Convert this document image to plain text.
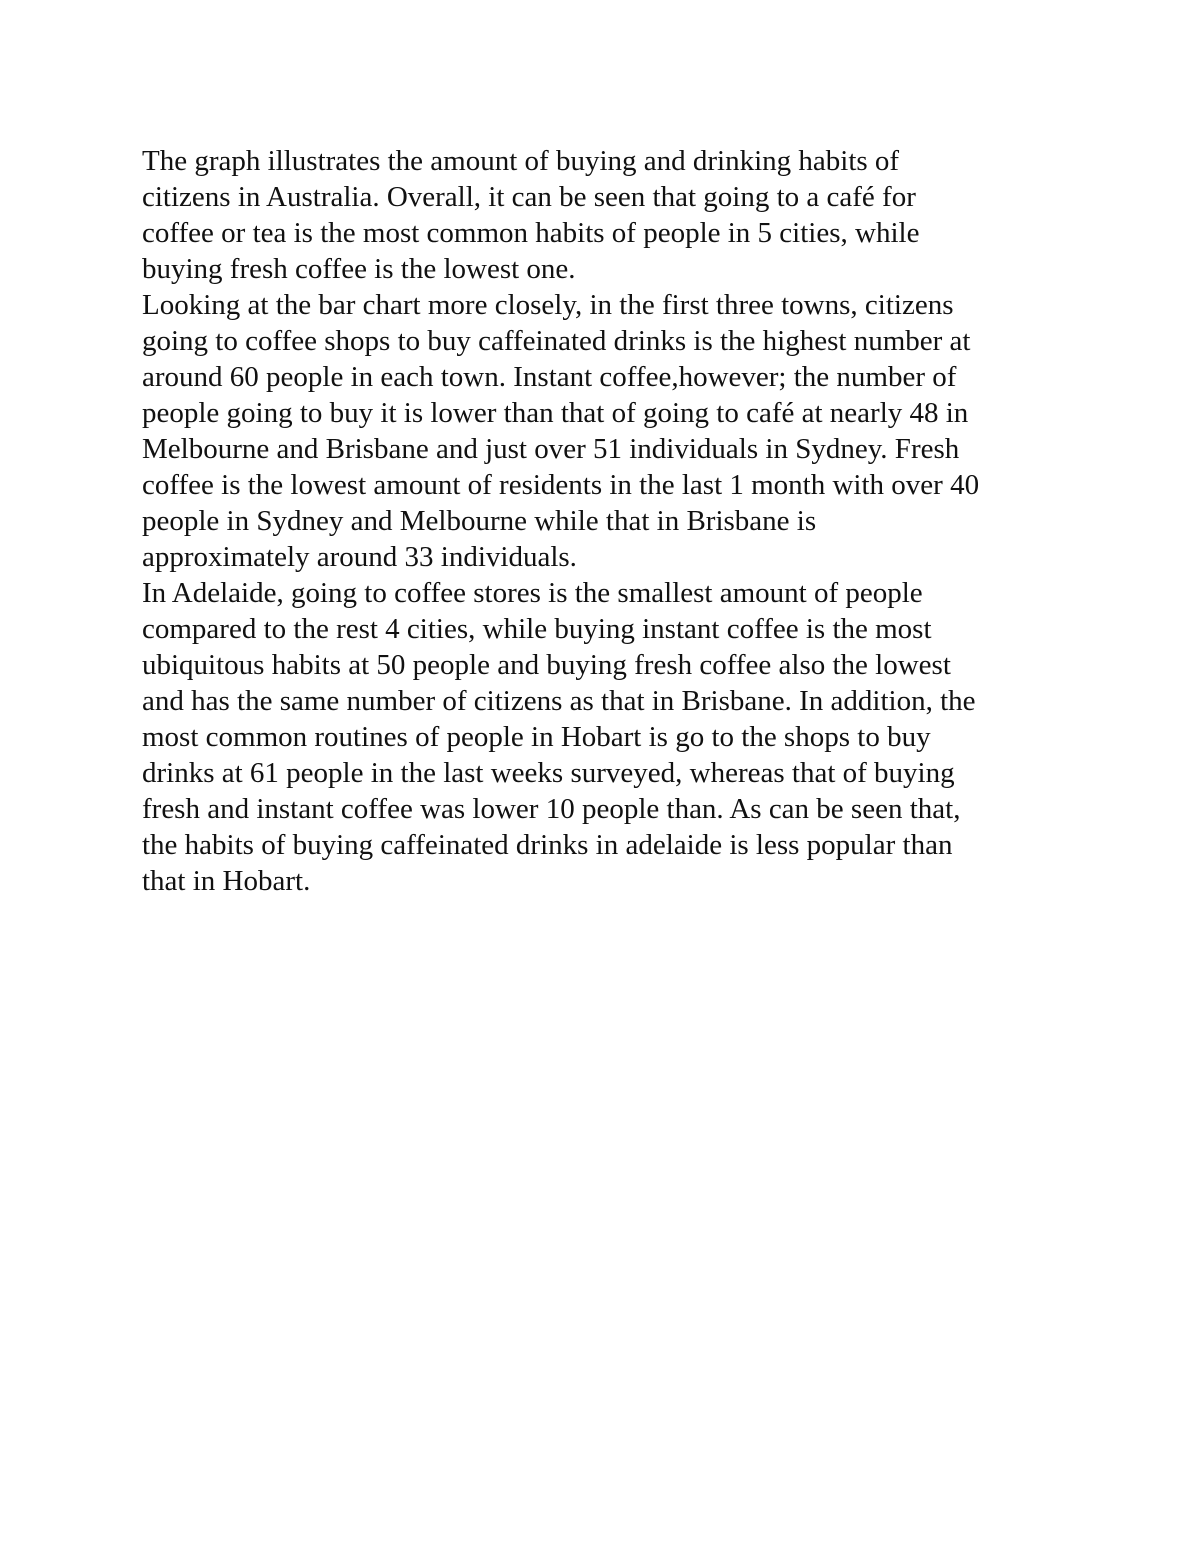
The graph illustrates the amount of buying and drinking habits of
citizens in Australia. Overall, it can be seen that going to a café for
coffee or tea is the most common habits of people in 5 cities, while
buying fresh coffee is the lowest one.
Looking at the bar chart more closely, in the first three towns, citizens
going to coffee shops to buy caffeinated drinks is the highest number at
around 60 people in each town. Instant coffee,however; the number of
people going to buy it is lower than that of going to café at nearly 48 in
Melbourne and Brisbane and just over 51 individuals in Sydney. Fresh
coffee is the lowest amount of residents in the last 1 month with over 40
people in Sydney and Melbourne while that in Brisbane is
approximately around 33 individuals.
In Adelaide, going to coffee stores is the smallest amount of people
compared to the rest 4 cities, while buying instant coffee is the most
ubiquitous habits at 50 people and buying fresh coffee also the lowest
and has the same number of citizens as that in Brisbane. In addition, the
most common routines of people in Hobart is go to the shops to buy
drinks at 61 people in the last weeks surveyed, whereas that of buying
fresh and instant coffee was lower 10 people than. As can be seen that,
the habits of buying caffeinated drinks in adelaide is less popular than
that in Hobart.
